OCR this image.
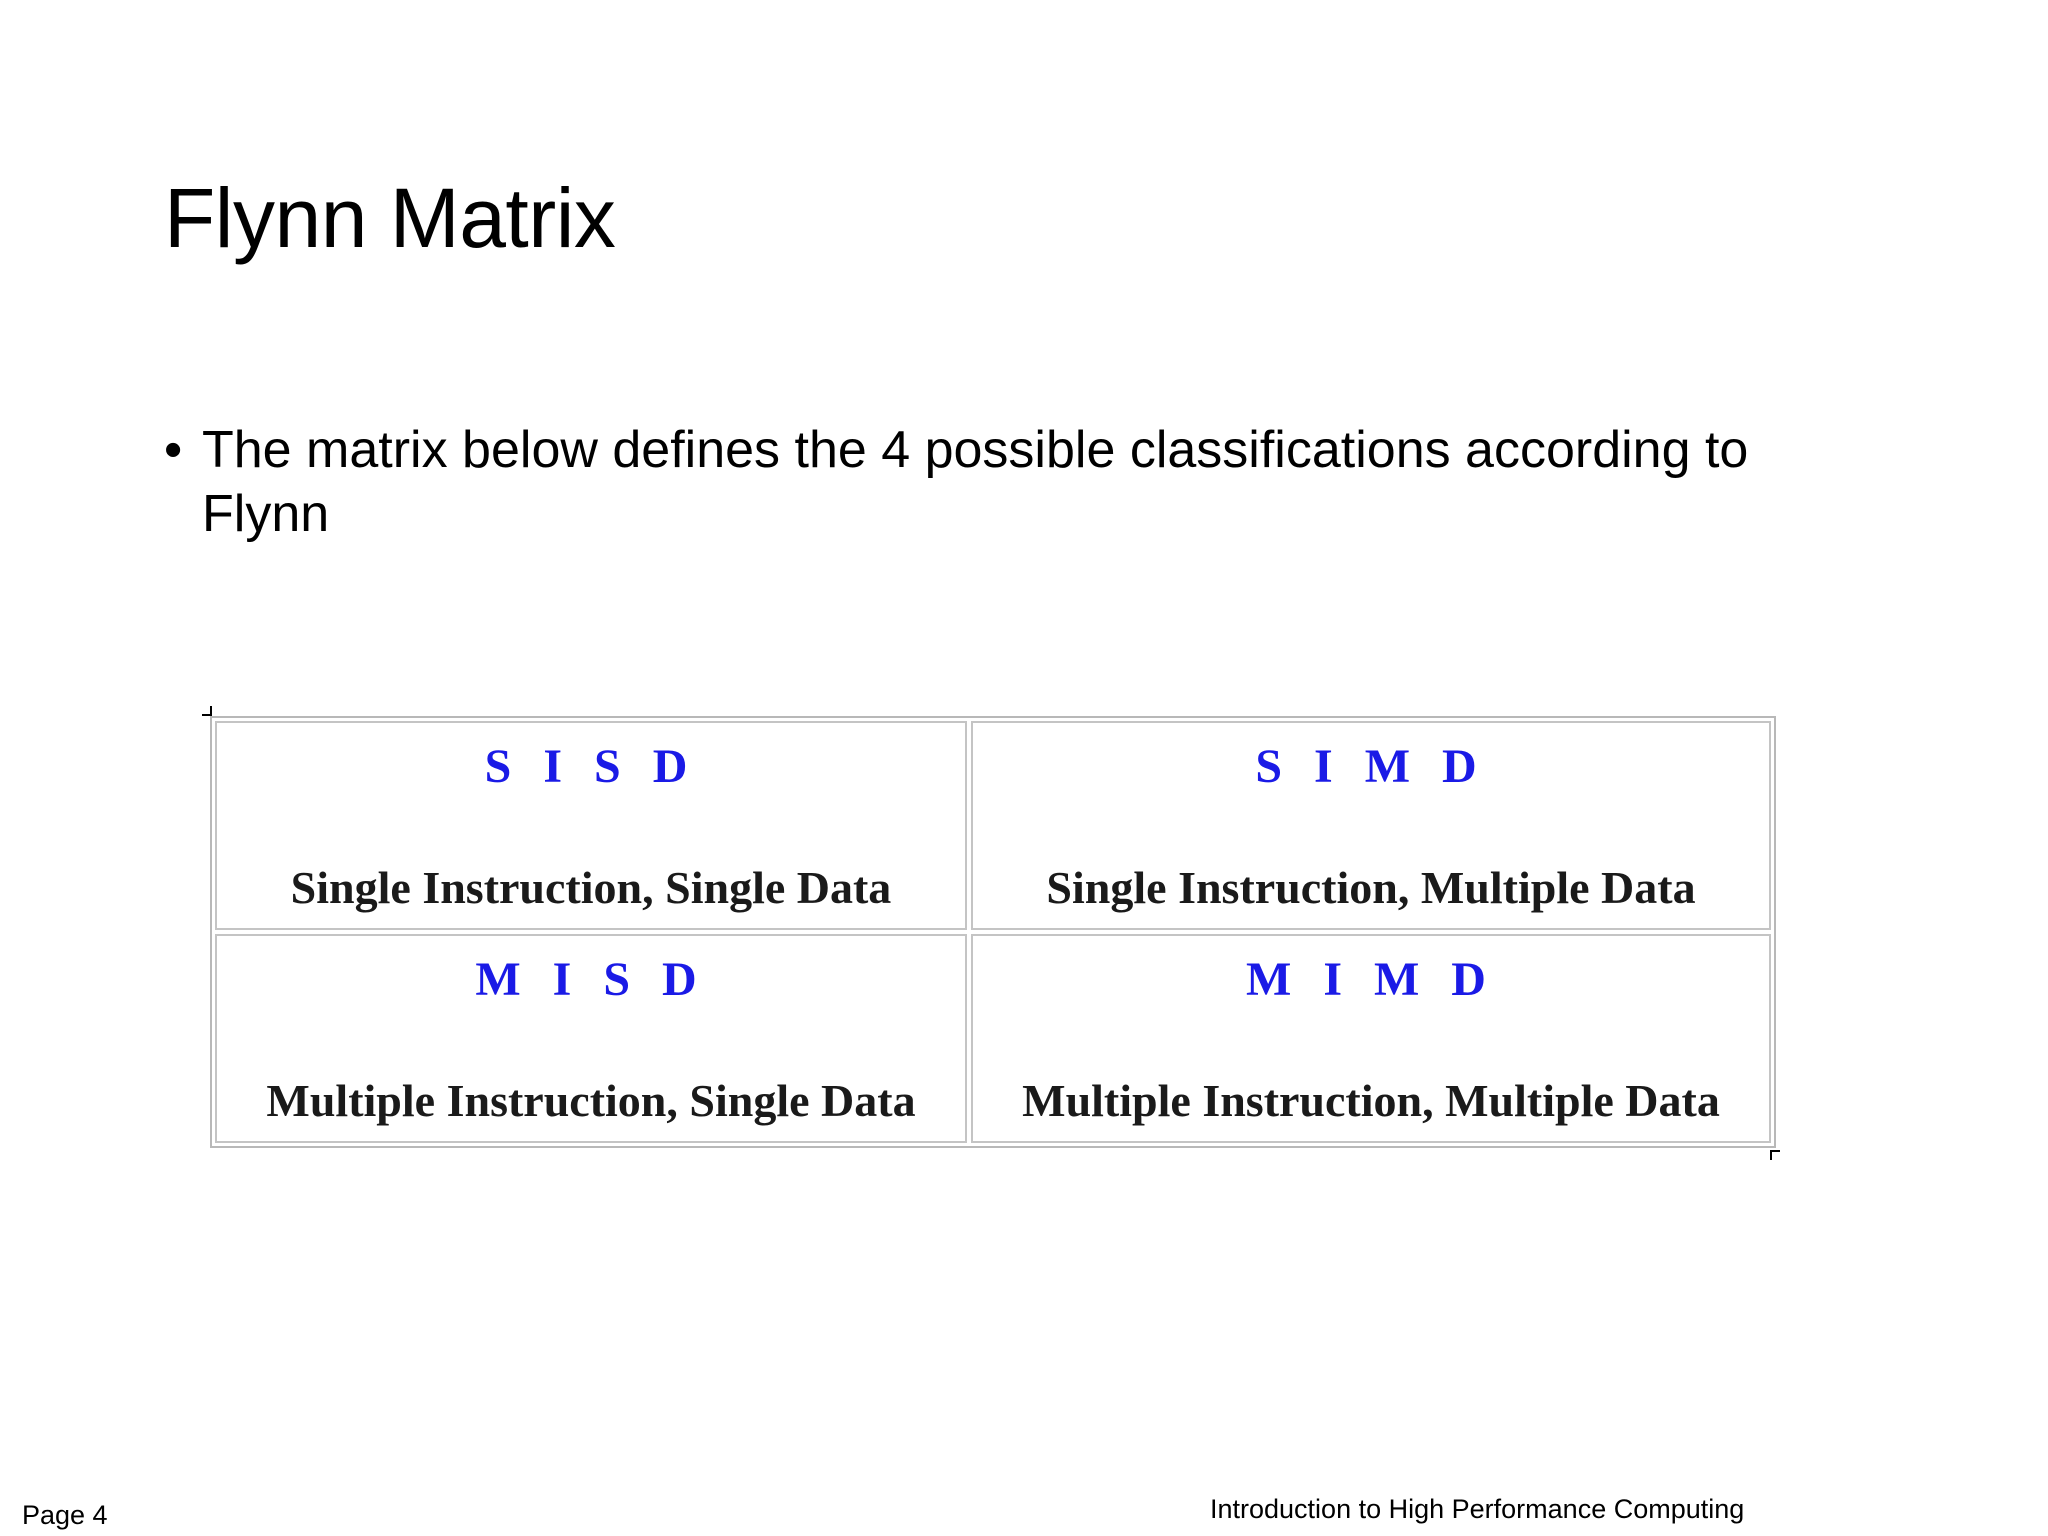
Flynn Matrix
• The matrix below defines the 4 possible classifications according to Flynn
S I S D
Single Instruction, Single Data
S I M D
Single Instruction, Multiple Data
M I S D
Multiple Instruction, Single Data
M I M D
Multiple Instruction, Multiple Data
Page 4	Introduction to High Performance Computing
